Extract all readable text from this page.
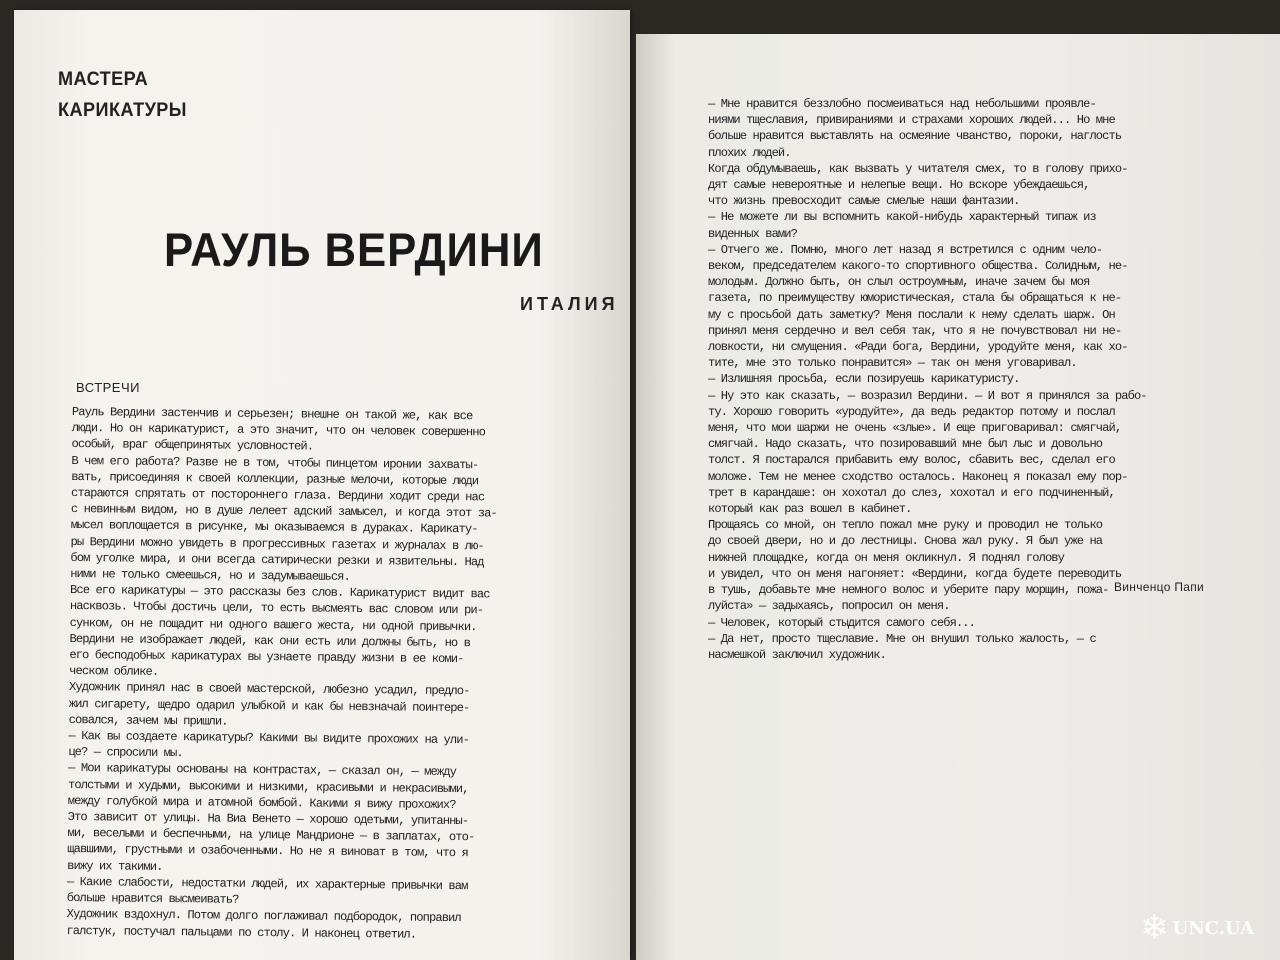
МАСТЕРА
КАРИКАТУРЫ
РАУЛЬ ВЕРДИНИ
ИТАЛИЯ
ВСТРЕЧИ
Рауль Вердини застенчив и серьезен; внешне он такой же, как все
люди. Но он карикатурист, а это значит, что он человек совершенно
особый, враг общепринятых условностей.
В чем его работа? Разве не в том, чтобы пинцетом иронии захваты-
вать, присоединяя к своей коллекции, разные мелочи, которые люди
стараются спрятать от постороннего глаза. Вердини ходит среди нас
с невинным видом, но в душе лелеет адский замысел, и когда этот за-
мысел воплощается в рисунке, мы оказываемся в дураках. Карикату-
ры Вердини можно увидеть в прогрессивных газетах и журналах в лю-
бом уголке мира, и они всегда сатирически резки и язвительны. Над
ними не только смеешься, но и задумываешься.
Все его карикатуры — это рассказы без слов. Карикатурист видит вас
насквозь. Чтобы достичь цели, то есть высмеять вас словом или ри-
сунком, он не пощадит ни одного вашего жеста, ни одной привычки.
Вердини не изображает людей, как они есть или должны быть, но в
его бесподобных карикатурах вы узнаете правду жизни в ее коми-
ческом облике.
Художник принял нас в своей мастерской, любезно усадил, предло-
жил сигарету, щедро одарил улыбкой и как бы невзначай поинтере-
совался, зачем мы пришли.
— Как вы создаете карикатуры? Какими вы видите прохожих на ули-
це? — спросили мы.
— Мои карикатуры основаны на контрастах, — сказал он, — между
толстыми и худыми, высокими и низкими, красивыми и некрасивыми,
между голубкой мира и атомной бомбой. Какими я вижу прохожих?
Это зависит от улицы. На Виа Венето — хорошо одетыми, упитанны-
ми, веселыми и беспечными, на улице Мандрионе — в заплатах, ото-
щавшими, грустными и озабоченными. Но не я виноват в том, что я
вижу их такими.
— Какие слабости, недостатки людей, их характерные привычки вам
больше нравится высмеивать?
Художник вздохнул. Потом долго поглаживал подбородок, поправил
галстук, постучал пальцами по столу. И наконец ответил.
— Мне нравится беззлобно посмеиваться над небольшими проявле-
ниями тщеславия, привираниями и страхами хороших людей... Но мне
больше нравится выставлять на осмеяние чванство, пороки, наглость
плохих людей.
Когда обдумываешь, как вызвать у читателя смех, то в голову прихо-
дят самые невероятные и нелепые вещи. Но вскоре убеждаешься,
что жизнь превосходит самые смелые наши фантазии.
— Не можете ли вы вспомнить какой-нибудь характерный типаж из
виденных вами?
— Отчего же. Помню, много лет назад я встретился с одним чело-
веком, председателем какого-то спортивного общества. Солидным, не-
молодым. Должно быть, он слыл остроумным, иначе зачем бы моя
газета, по преимуществу юмористическая, стала бы обращаться к не-
му с просьбой дать заметку? Меня послали к нему сделать шарж. Он
принял меня сердечно и вел себя так, что я не почувствовал ни не-
ловкости, ни смущения. «Ради бога, Вердини, уродуйте меня, как хо-
тите, мне это только понравится» — так он меня уговаривал.
— Излишняя просьба, если позируешь карикатуристу.
— Ну это как сказать, — возразил Вердини. — И вот я принялся за рабо-
ту. Хорошо говорить «уродуйте», да ведь редактор потому и послал
меня, что мои шаржи не очень «злые». И еще приговаривал: смягчай,
смягчай. Надо сказать, что позировавший мне был лыс и довольно
толст. Я постарался прибавить ему волос, сбавить вес, сделал его
моложе. Тем не менее сходство осталось. Наконец я показал ему пор-
трет в карандаше: он хохотал до слез, хохотал и его подчиненный,
который как раз вошел в кабинет.
Прощаясь со мной, он тепло пожал мне руку и проводил не только
до своей двери, но и до лестницы. Снова жал руку. Я был уже на
нижней площадке, когда он меня окликнул. Я поднял голову
и увидел, что он меня нагоняет: «Вердини, когда будете переводить
в тушь, добавьте мне немного волос и уберите пару морщин, пожа-
луйста» — задыхаясь, попросил он меня.
— Человек, который стыдится самого себя...
— Да нет, просто тщеславие. Мне он внушил только жалость, — с
насмешкой заключил художник.
Винченцо Папи
❄ UNC.UA
